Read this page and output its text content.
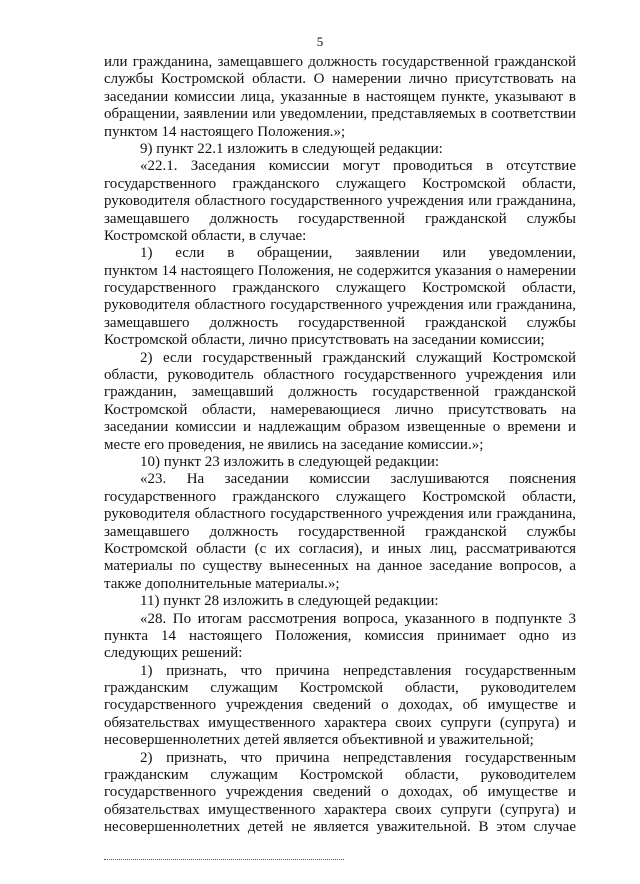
5
или гражданина, замещавшего должность государственной гражданской
службы Костромской области. О намерении лично присутствовать на
заседании комиссии лица, указанные в настоящем пункте, указывают в
обращении, заявлении или уведомлении, представляемых в соответствии
пунктом 14 настоящего Положения.»;
9) пункт 22.1 изложить в следующей редакции:
«22.1. Заседания комиссии могут проводиться в отсутствие
государственного гражданского служащего Костромской области,
руководителя областного государственного учреждения или гражданина,
замещавшего должность государственной гражданской службы
Костромской области, в случае:
1) если в обращении, заявлении или уведомлении,
пунктом 14 настоящего Положения, не содержится указания о намерении
государственного гражданского служащего Костромской области,
руководителя областного государственного учреждения или гражданина,
замещавшего должность государственной гражданской службы
Костромской области, лично присутствовать на заседании комиссии;
2) если государственный гражданский служащий Костромской
области, руководитель областного государственного учреждения или
гражданин, замещавший должность государственной гражданской
Костромской области, намеревающиеся лично присутствовать на
заседании комиссии и надлежащим образом извещенные о времени и
месте его проведения, не явились на заседание комиссии.»;
10) пункт 23 изложить в следующей редакции:
«23. На заседании комиссии заслушиваются пояснения
государственного гражданского служащего Костромской области,
руководителя областного государственного учреждения или гражданина,
замещавшего должность государственной гражданской службы
Костромской области (с их согласия), и иных лиц, рассматриваются
материалы по существу вынесенных на данное заседание вопросов, а
также дополнительные материалы.»;
11) пункт 28 изложить в следующей редакции:
«28. По итогам рассмотрения вопроса, указанного в подпункте 3
пункта 14 настоящего Положения, комиссия принимает одно из
следующих решений:
1) признать, что причина непредставления государственным
гражданским служащим Костромской области, руководителем
государственного учреждения сведений о доходах, об имуществе и
обязательствах имущественного характера своих супруги (супруга) и
несовершеннолетних детей является объективной и уважительной;
2) признать, что причина непредставления государственным
гражданским служащим Костромской области, руководителем
государственного учреждения сведений о доходах, об имуществе и
обязательствах имущественного характера своих супруги (супруга) и
несовершеннолетних детей не является уважительной. В этом случае
